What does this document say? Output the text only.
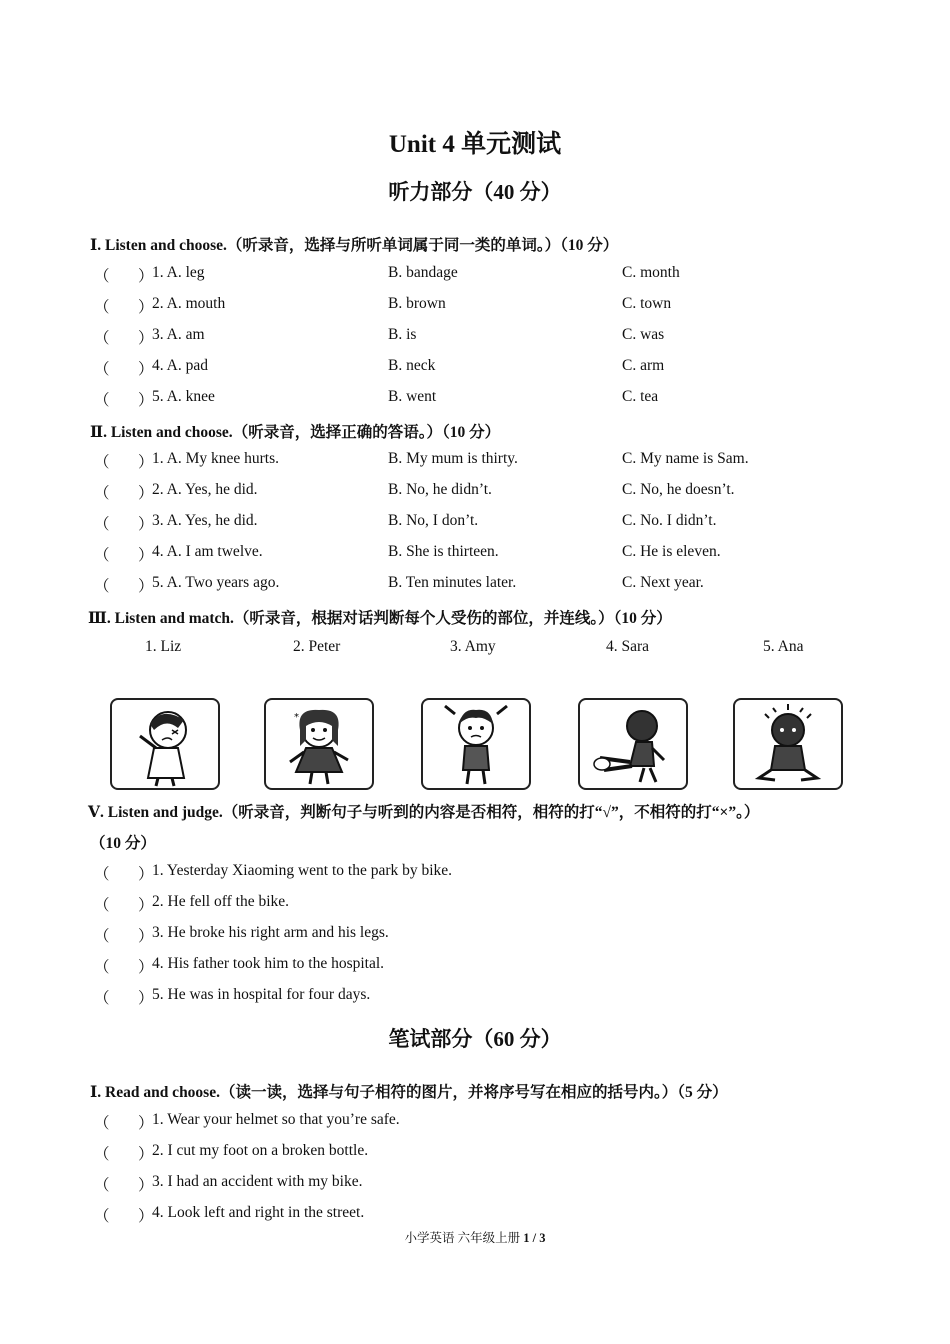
Unit 4 单元测试
听力部分（40 分）
Ⅰ. Listen and choose.（听录音，选择与所听单词属于同一类的单词。）（10 分）
（ ）
1. A. leg	B. bandage	C. month
（ ）
2. A. mouth	B. brown	C. town
（ ）
3. A. am	B. is	C. was
（ ）
4. A. pad	B. neck	C. arm
（ ）
5. A. knee	B. went	C. tea
Ⅱ. Listen and choose.（听录音，选择正确的答语。）（10 分）
（ ）
1. A. My knee hurts.	B. My mum is thirty.	C. My name is Sam.
（ ）
2. A. Yes, he did.	B. No, he didn’t.	C. No, he doesn’t.
（ ）
3. A. Yes, he did.	B. No, I don’t.	C. No. I didn’t.
（ ）
4. A. I am twelve.	B. She is thirteen.	C. He is eleven.
（ ）
5. A. Two years ago.	B. Ten minutes later.	C. Next year.
Ⅲ. Listen and match.（听录音，根据对话判断每个人受伤的部位，并连线。）（10 分）
1. Liz	2. Peter	3. Amy	4. Sara	5. Ana
*
Ⅴ. Listen and judge.（听录音，判断句子与听到的内容是否相符，相符的打“√”，不相符的打“×”。）
（10 分）
（ ）
1. Yesterday Xiaoming went to the park by bike.
（ ）
2. He fell off the bike.
（ ）
3. He broke his right arm and his legs.
（ ）
4. His father took him to the hospital.
（ ）
5. He was in hospital for four days.
笔试部分（60 分）
Ⅰ. Read and choose.（读一读，选择与句子相符的图片，并将序号写在相应的括号内。）（5 分）
（ ）
1. Wear your helmet so that you’re safe.
（ ）
2. I cut my foot on a broken bottle.
（ ）
3. I had an accident with my bike.
（ ）
4. Look left and right in the street.
小学英语 六年级上册 1 / 3
